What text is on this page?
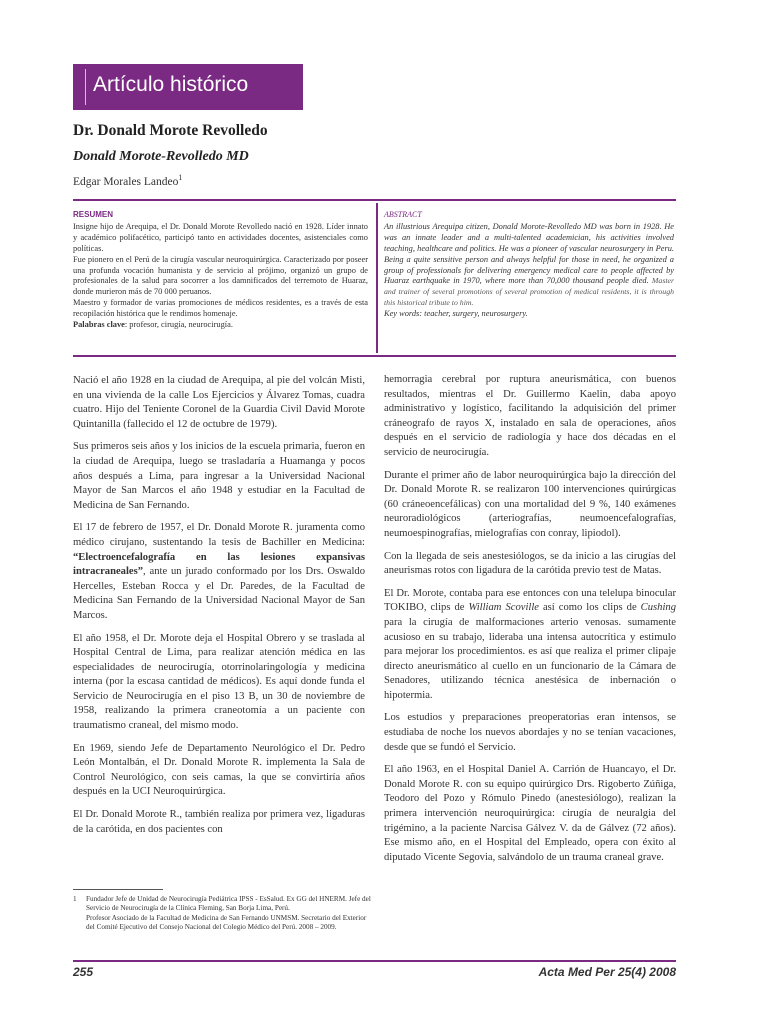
Artículo histórico
Dr. Donald Morote Revolledo
Donald Morote-Revolledo MD
Edgar Morales Landeo$^1$
RESUMEN

Insigne hijo de Arequipa, el Dr. Donald Morote Revolledo nació en 1928. Líder innato y académico polifacético, participó tanto en actividades docentes, asistenciales como políticas.

Fue pionero en el Perú de la cirugía vascular neuroquirúrgica. Caracterizado por poseer una profunda vocación humanista y de servicio al prójimo, organizó un grupo de profesionales de la salud para socorrer a los damnificados del terremoto de Huaraz, donde murieron más de 70 000 peruanos.

Maestro y formador de varias promociones de médicos residentes, es a través de esta recopilación histórica que le rendimos homenaje.

Palabras clave: profesor, cirugía, neurocirugía.

ABSTRACT

An illustrious Arequipa citizen, Donald Morote-Revolledo MD was born in 1928. He was an innate leader and a multi-talented academician, his activities involved teaching, healthcare and politics. He was a pioneer of vascular neurosurgery in Peru. Being a quite sensitive person and always helpful for those in need, he organized a group of professionals for delivering emergency medical care to people affected by Huaraz earthquake in 1970, where more than 70,000 thousand people died. Master and trainer of several promotions of several promotion of medical residents, it is through this historical tribute to him.

Key words: teacher, surgery, neurosurgery.

Nació el año 1928 en la ciudad de Arequipa, al pie del volcán Misti, en una vivienda de la calle Los Ejercicios y Álvarez Tomas, cuadra cuatro. Hijo del Teniente Coronel de la Guardia Civil David Morote Quintanilla (fallecido el 12 de octubre de 1979).

Sus primeros seis años y los inicios de la escuela primaria, fueron en la ciudad de Arequipa, luego se trasladaría a Huamanga y pocos años después a Lima, para ingresar a la Universidad Nacional Mayor de San Marcos el año 1948 y estudiar en la Facultad de Medicina de San Fernando.

El 17 de febrero de 1957, el Dr. Donald Morote R. juramenta como médico cirujano, sustentando la tesis de Bachiller en Medicina: “Electroencefalografía en las lesiones expansivas intracraneales”, ante un jurado conformado por los Drs. Oswaldo Hercelles, Esteban Rocca y el Dr. Paredes, de la Facultad de Medicina San Fernando de la Universidad Nacional Mayor de San Marcos.

El año 1958, el Dr. Morote deja el Hospital Obrero y se traslada al Hospital Central de Lima, para realizar atención médica en las especialidades de neurocirugía, otorrinolaringología y medicina interna (por la escasa cantidad de médicos). Es aquí donde funda el Servicio de Neurocirugía en el piso 13 B, un 30 de noviembre de 1958, realizando la primera craneotomía a un paciente con traumatismo craneal, del mismo modo.

En 1969, siendo Jefe de Departamento Neurológico el Dr. Pedro León Montalbán, el Dr. Donald Morote R. implementa la Sala de Control Neurológico, con seis camas, la que se convirtiría años después en la UCI Neuroquirúrgica.

El Dr. Donald Morote R., también realiza por primera vez, ligaduras de la carótida, en dos pacientes con

hemorragia cerebral por ruptura aneurismática, con buenos resultados, mientras el Dr. Guillermo Kaelin, daba apoyo administrativo y logístico, facilitando la adquisición del primer cráneografo de rayos X, instalado en sala de operaciones, años después en el servicio de radiología y hace dos décadas en el servicio de neurocirugía.

Durante el primer año de labor neuroquirúrgica bajo la dirección del Dr. Donald Morote R. se realizaron 100 intervenciones quirúrgicas (60 cráneoencefálicas) con una mortalidad del 9 %, 140 exámenes neuroradiológicos (arteriografías, neumoencefalografías, neumoespinografías, mielografías con conray, lipiodol).

Con la llegada de seis anestesiólogos, se da inicio a las cirugías del aneurismas rotos con ligadura de la carótida previo test de Matas.

El Dr. Morote, contaba para ese entonces con una telelupa binocular TOKIBO, clips de William Scoville así como los clips de Cushing para la cirugía de malformaciones arterio venosas. sumamente acusioso en su trabajo, lideraba una intensa autocrítica y estimulo para mejorar los procedimientos. es así que realiza el primer clipaje directo aneurismático al cuello en un funcionario de la Cámara de Senadores, utilizando técnica anestésica de inbernación o hipotermia.

Los estudios y preparaciones preoperatorias eran intensos, se estudiaba de noche los nuevos abordajes y no se tenían vacaciones, desde que se fundó el Servicio.

El año 1963, en el Hospital Daniel A. Carrión de Huancayo, el Dr. Donald Morote R. con su equipo quirúrgico Drs. Rigoberto Zúñiga, Teodoro del Pozo y Rómulo Pinedo (anestesiólogo), realizan la primera intervención neuroquirúrgica: cirugía de neuralgia del trigémino, a la paciente Narcisa Gálvez V. da de Gálvez (72 años). Ese mismo año, en el Hospital del Empleado, opera con éxito al diputado Vicente Segovia, salvándolo de un trauma craneal grave.

1	Fundador Jefe de Unidad de Neurocirugía Pediátrica IPSS - EsSalud. Ex GG del HNERM. Jefe del Servicio de Neurocirugía de la Clínica Fleming, San Borja Lima, Perú.

Profesor Asociado de la Facultad de Medicina de San Fernando UNMSM. Secretario del Exterior del Comité Ejecutivo del Consejo Nacional del Colegio Médico del Perú. 2008 – 2009.

255	Acta Med Per 25(4) 2008
